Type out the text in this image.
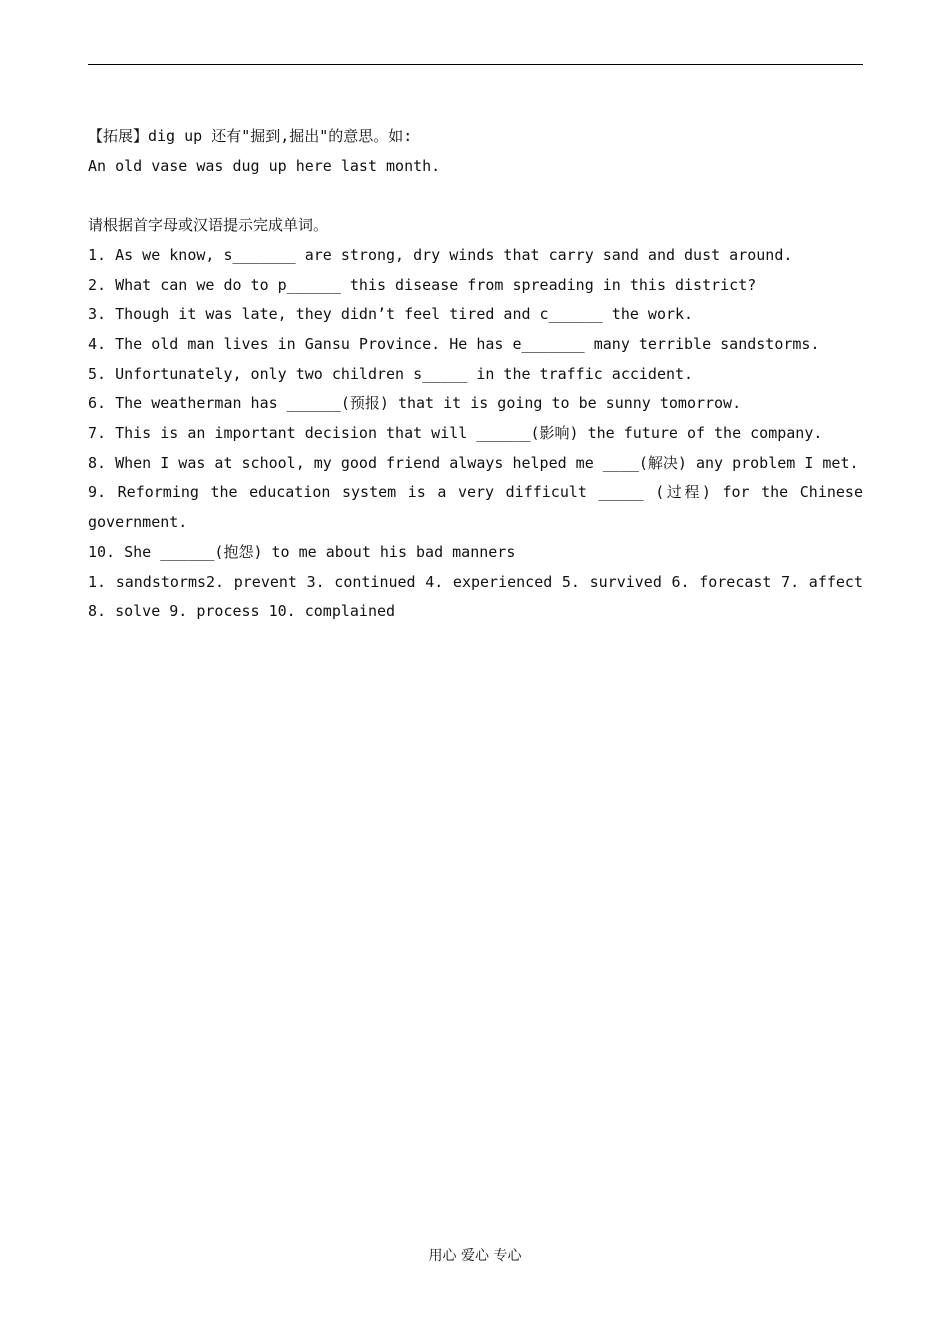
【拓展】dig up 还有"掘到,掘出"的意思。如:

An old vase was dug up here last month.

请根据首字母或汉语提示完成单词。

1. As we know, s_______ are strong, dry winds that carry sand and dust around.

2. What can we do to p______ this disease from spreading in this district?

3. Though it was late, they didn’t feel tired and c______ the work.

4. The old man lives in Gansu Province. He has e_______ many terrible sandstorms.

5. Unfortunately, only two children s_____ in the traffic accident.

6. The weatherman has ______(预报) that it is going to be sunny tomorrow.

7. This is an important decision that will ______(影响) the future of the company.

8. When I was at school, my good friend always helped me ____(解决) any problem I met.

9. Reforming the education system is a very difficult _____ (过程) for the Chinese government.

10. She ______(抱怨) to me about his bad manners

1. sandstorms2. prevent 3. continued 4. experienced 5. survived 6. forecast 7. affect 8. solve 9. process 10. complained

用心 爱心 专心
